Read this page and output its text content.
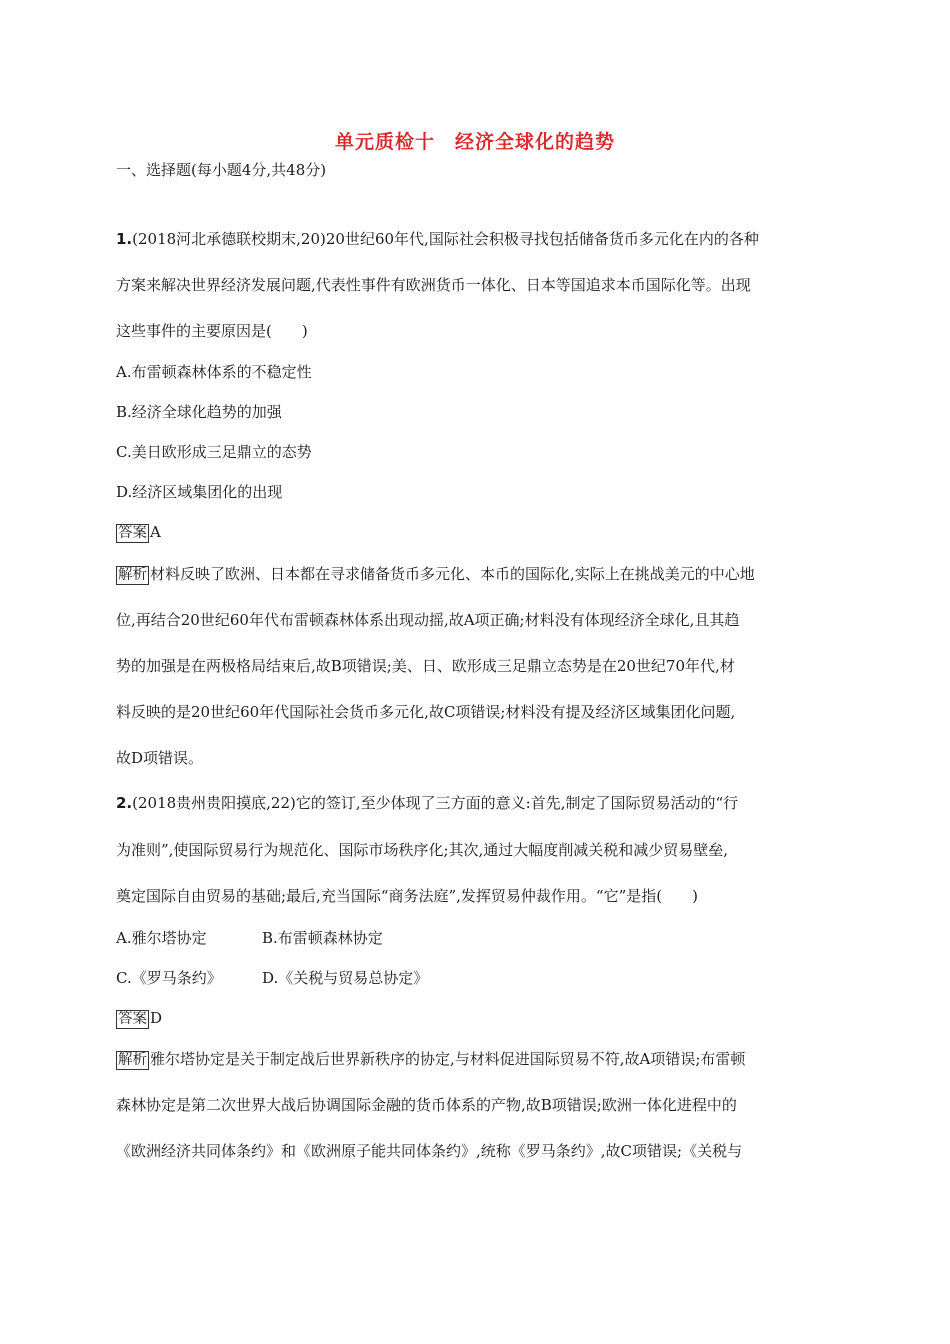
单元质检十　经济全球化的趋势
一、选择题(每小题4分,共48分)
1.(2018河北承德联校期末,20)20世纪60年代,国际社会积极寻找包括储备货币多元化在内的各种
方案来解决世界经济发展问题,代表性事件有欧洲货币一体化、日本等国追求本币国际化等。出现
这些事件的主要原因是(　　)
A.布雷顿森林体系的不稳定性
B.经济全球化趋势的加强
C.美日欧形成三足鼎立的态势
D.经济区域集团化的出现
答案 A
解析 材料反映了欧洲、日本都在寻求储备货币多元化、本币的国际化,实际上在挑战美元的中心地
位,再结合20世纪60年代布雷顿森林体系出现动摇,故A项正确;材料没有体现经济全球化,且其趋
势的加强是在两极格局结束后,故B项错误;美、日、欧形成三足鼎立态势是在20世纪70年代,材
料反映的是20世纪60年代国际社会货币多元化,故C项错误;材料没有提及经济区域集团化问题,
故D项错误。
2.(2018贵州贵阳摸底,22)它的签订,至少体现了三方面的意义:首先,制定了国际贸易活动的“行
为准则”,使国际贸易行为规范化、国际市场秩序化;其次,通过大幅度削减关税和减少贸易壁垒,
奠定国际自由贸易的基础;最后,充当国际“商务法庭”,发挥贸易仲裁作用。“它”是指(　　)
A.雅尔塔协定	B.布雷顿森林协定
C.《罗马条约》	D.《关税与贸易总协定》
答案 D
解析 雅尔塔协定是关于制定战后世界新秩序的协定,与材料促进国际贸易不符,故A项错误;布雷顿
森林协定是第二次世界大战后协调国际金融的货币体系的产物,故B项错误;欧洲一体化进程中的
《欧洲经济共同体条约》和《欧洲原子能共同体条约》,统称《罗马条约》,故C项错误;《关税与
